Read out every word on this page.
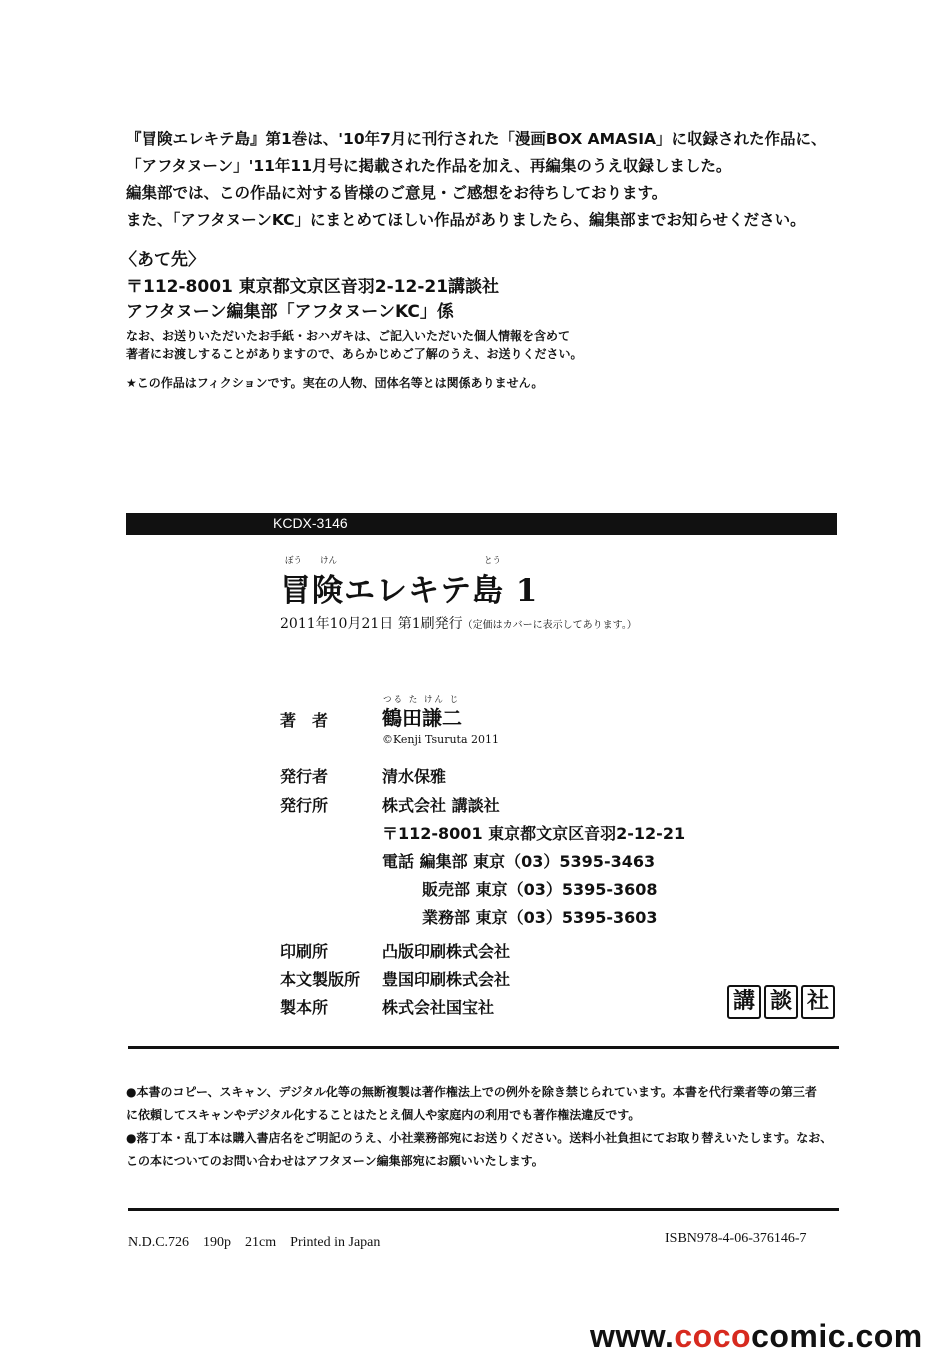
『冒険エレキテ島』第1巻は、'10年7月に刊行された「漫画BOX AMASIA」に収録された作品に、
「アフタヌーン」'11年11月号に掲載された作品を加え、再編集のうえ収録しました。
編集部では、この作品に対する皆様のご意見・ご感想をお待ちしております。
また、「アフタヌーンKC」にまとめてほしい作品がありましたら、編集部までお知らせください。
〈あて先〉
〒112-8001 東京都文京区音羽2-12-21講談社
アフタヌーン編集部「アフタヌーンKC」係
なお、お送りいただいたお手紙・おハガキは、ご記入いただいた個人情報を含めて
著者にお渡しすることがありますので、あらかじめご了解のうえ、お送りください。
★この作品はフィクションです。実在の人物、団体名等とは関係ありません。
KCDX-3146
ぼう けん	とう
冒険エレキテ島 1
2011年10月21日 第1刷発行（定価はカバーに表示してあります。）
著　者
つる た けん じ
鶴田謙二
©Kenji Tsuruta 2011
発行者	清水保雅
発行所	株式会社 講談社
〒112-8001 東京都文京区音羽2-12-21
電話 編集部 東京（03）5395-3463
販売部 東京（03）5395-3608
業務部 東京（03）5395-3603
印刷所	凸版印刷株式会社
本文製版所 豊国印刷株式会社
製本所	株式会社国宝社	講 談 社
●本書のコピー、スキャン、デジタル化等の無断複製は著作権法上での例外を除き禁じられています。本書を代行業者等の第三者
に依頼してスキャンやデジタル化することはたとえ個人や家庭内の利用でも著作権法違反です。
●落丁本・乱丁本は購入書店名をご明記のうえ、小社業務部宛にお送りください。送料小社負担にてお取り替えいたします。なお、
この本についてのお問い合わせはアフタヌーン編集部宛にお願いいたします。
N.D.C.726　190p　21cm　Printed in Japan	ISBN978-4-06-376146-7
www.cococomic.com
